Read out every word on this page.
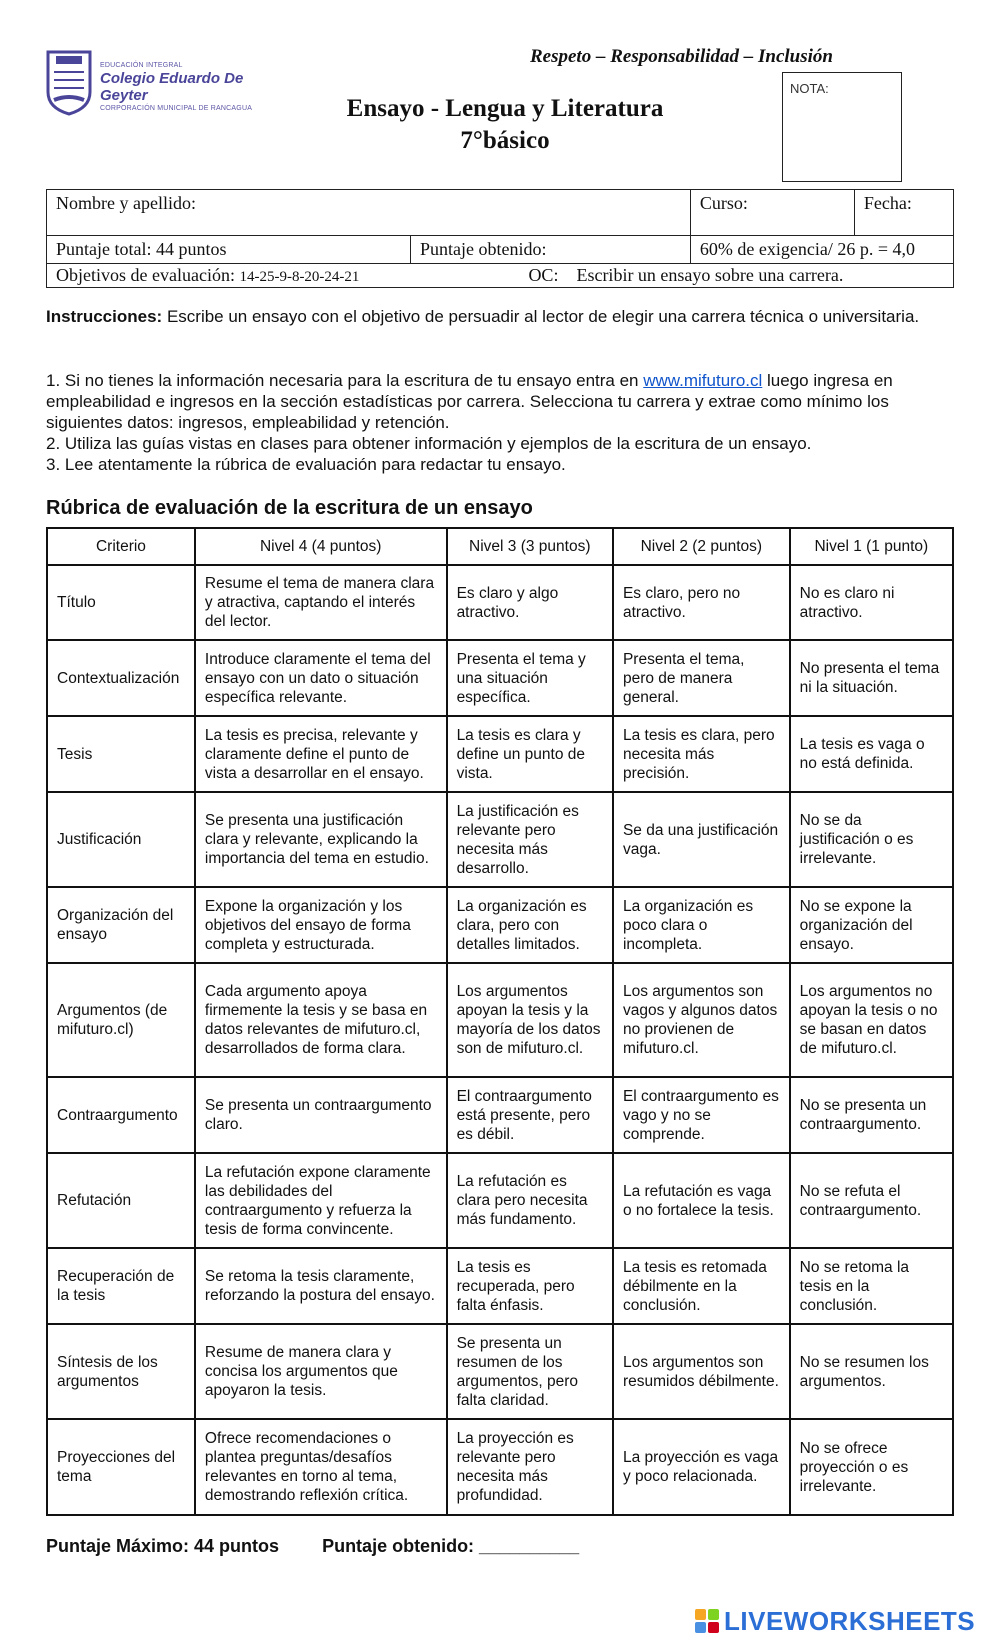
EDUCACIÓN INTEGRAL
Colegio Eduardo De Geyter
CORPORACIÓN MUNICIPAL DE RANCAGUA
Respeto – Responsabilidad – Inclusión
Ensayo - Lengua y Literatura
7°básico
NOTA:
Nombre y apellido:		Curso:	Fecha:
Puntaje total: 44 puntos	Puntaje obtenido:	60% de exigencia/ 26 p. = 4,0	
Objetivos de evaluación: 14-25-9-8-20-24-21 OC: Escribir un ensayo sobre una carrera.			
Instrucciones: Escribe un ensayo con el objetivo de persuadir al lector de elegir una carrera técnica o universitaria.
1. Si no tienes la información necesaria para la escritura de tu ensayo entra en www.mifuturo.cl luego ingresa en empleabilidad e ingresos en la sección estadísticas por carrera. Selecciona tu carrera y extrae como mínimo los siguientes datos: ingresos, empleabilidad y retención.
2. Utiliza las guías vistas en clases para obtener información y ejemplos de la escritura de un ensayo.
3. Lee atentamente la rúbrica de evaluación para redactar tu ensayo.
Rúbrica de evaluación de la escritura de un ensayo
Criterio	Nivel 4 (4 puntos)	Nivel 3 (3 puntos)	Nivel 2 (2 puntos)	Nivel 1 (1 punto)
Título	Resume el tema de manera clara y atractiva, captando el interés del lector.	Es claro y algo atractivo.	Es claro, pero no atractivo.	No es claro ni atractivo.
Contextualización	Introduce claramente el tema del ensayo con un dato o situación específica relevante.	Presenta el tema y una situación específica.	Presenta el tema, pero de manera general.	No presenta el tema ni la situación.
Tesis	La tesis es precisa, relevante y claramente define el punto de vista a desarrollar en el ensayo.	La tesis es clara y define un punto de vista.	La tesis es clara, pero necesita más precisión.	La tesis es vaga o no está definida.
Justificación	Se presenta una justificación clara y relevante, explicando la importancia del tema en estudio.	La justificación es relevante pero necesita más desarrollo.	Se da una justificación vaga.	No se da justificación o es irrelevante.
Organización del ensayo	Expone la organización y los objetivos del ensayo de forma completa y estructurada.	La organización es clara, pero con detalles limitados.	La organización es poco clara o incompleta.	No se expone la organización del ensayo.
Argumentos (de mifuturo.cl)	Cada argumento apoya firmemente la tesis y se basa en datos relevantes de mifuturo.cl, desarrollados de forma clara.	Los argumentos apoyan la tesis y la mayoría de los datos son de mifuturo.cl.	Los argumentos son vagos y algunos datos no provienen de mifuturo.cl.	Los argumentos no apoyan la tesis o no se basan en datos de mifuturo.cl.
Contraargumento	Se presenta un contraargumento claro.	El contraargumento está presente, pero es débil.	El contraargumento es vago y no se comprende.	No se presenta un contraargumento.
Refutación	La refutación expone claramente las debilidades del contraargumento y refuerza la tesis de forma convincente.	La refutación es clara pero necesita más fundamento.	La refutación es vaga o no fortalece la tesis.	No se refuta el contraargumento.
Recuperación de la tesis	Se retoma la tesis claramente, reforzando la postura del ensayo.	La tesis es recuperada, pero falta énfasis.	La tesis es retomada débilmente en la conclusión.	No se retoma la tesis en la conclusión.
Síntesis de los argumentos	Resume de manera clara y concisa los argumentos que apoyaron la tesis.	Se presenta un resumen de los argumentos, pero falta claridad.	Los argumentos son resumidos débilmente.	No se resumen los argumentos.
Proyecciones del tema	Ofrece recomendaciones o plantea preguntas/desafíos relevantes en torno al tema, demostrando reflexión crítica.	La proyección es relevante pero necesita más profundidad.	La proyección es vaga y poco relacionada.	No se ofrece proyección o es irrelevante.
Puntaje Máximo: 44 puntos Puntaje obtenido: __________
LIVEWORKSHEETS
